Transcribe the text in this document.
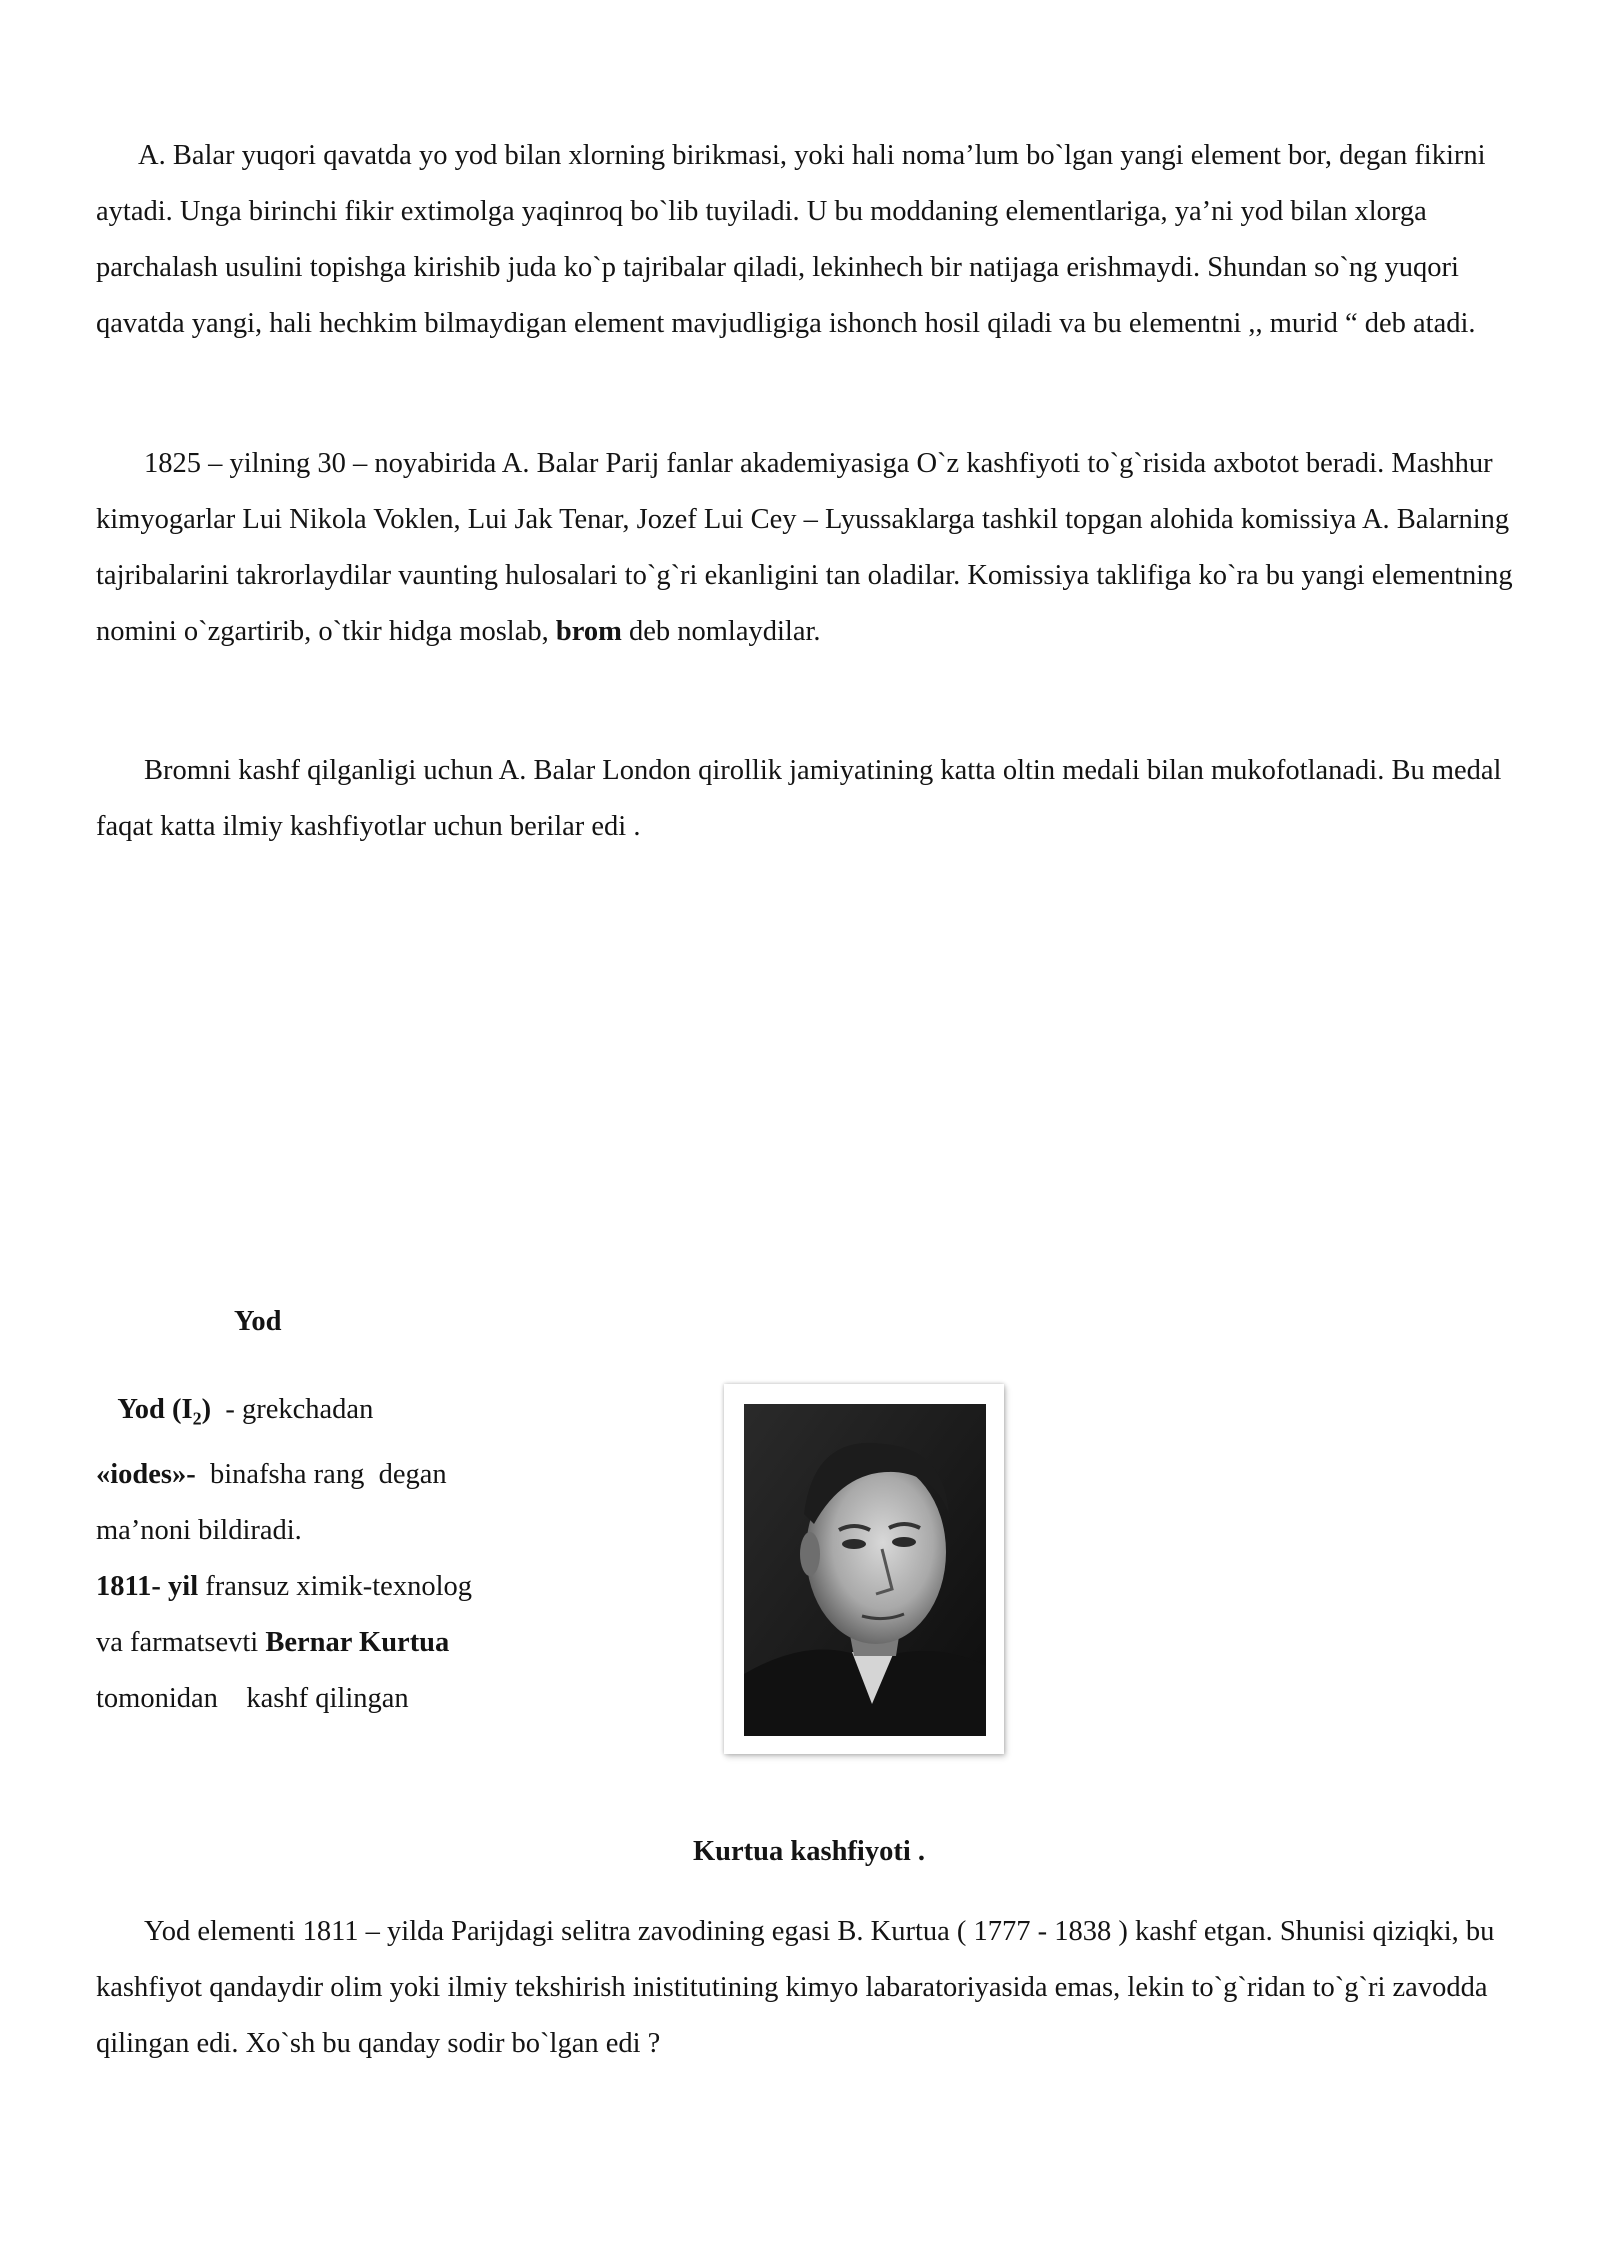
A. Balar yuqori qavatda yo yod bilan xlorning birikmasi, yoki hali noma’lum bo`lgan yangi element bor, degan fikirni aytadi. Unga birinchi fikir extimolga yaqinroq bo`lib tuyiladi. U bu moddaning elementlariga, ya’ni yod bilan xlorga parchalash usulini topishga kirishib juda ko`p tajribalar qiladi, lekinhech bir natijaga erishmaydi. Shundan so`ng yuqori qavatda yangi, hali hechkim bilmaydigan element mavjudligiga ishonch hosil qiladi va bu elementni ,, murid “ deb atadi.

1825 – yilning 30 – noyabirida A. Balar Parij fanlar akademiyasiga O`z kashfiyoti to`g`risida axbotot beradi. Mashhur kimyogarlar Lui Nikola Voklen, Lui Jak Tenar, Jozef Lui Cey – Lyussaklarga tashkil topgan alohida komissiya A. Balarning tajribalarini takrorlaydilar vaunting hulosalari to`g`ri ekanligini tan oladilar. Komissiya taklifiga ko`ra bu yangi elementning nomini o`zgartirib, o`tkir hidga moslab, brom deb nomlaydilar.

Bromni kashf qilganligi uchun A. Balar London qirollik jamiyatining katta oltin medali bilan mukofotlanadi. Bu medal faqat katta ilmiy kashfiyotlar uchun berilar edi .

Yod
Yod $(I_2)$  - grekchadan
«iodes»-  binafsha rang  degan
ma’noni bildiradi.
1811- yil fransuz ximik-texnolog
va farmatsevti Bernar Kurtua
tomonidan    kashf qilingan
Kurtua kashfiyoti .

Yod elementi 1811 – yilda Parijdagi selitra zavodining egasi B. Kurtua ( 1777 - 1838 ) kashf etgan. Shunisi qiziqki, bu kashfiyot qandaydir olim yoki ilmiy tekshirish inistitutining kimyo labaratoriyasida emas, lekin to`g`ridan to`g`ri zavodda qilingan edi. Xo`sh bu qanday sodir bo`lgan edi ?
